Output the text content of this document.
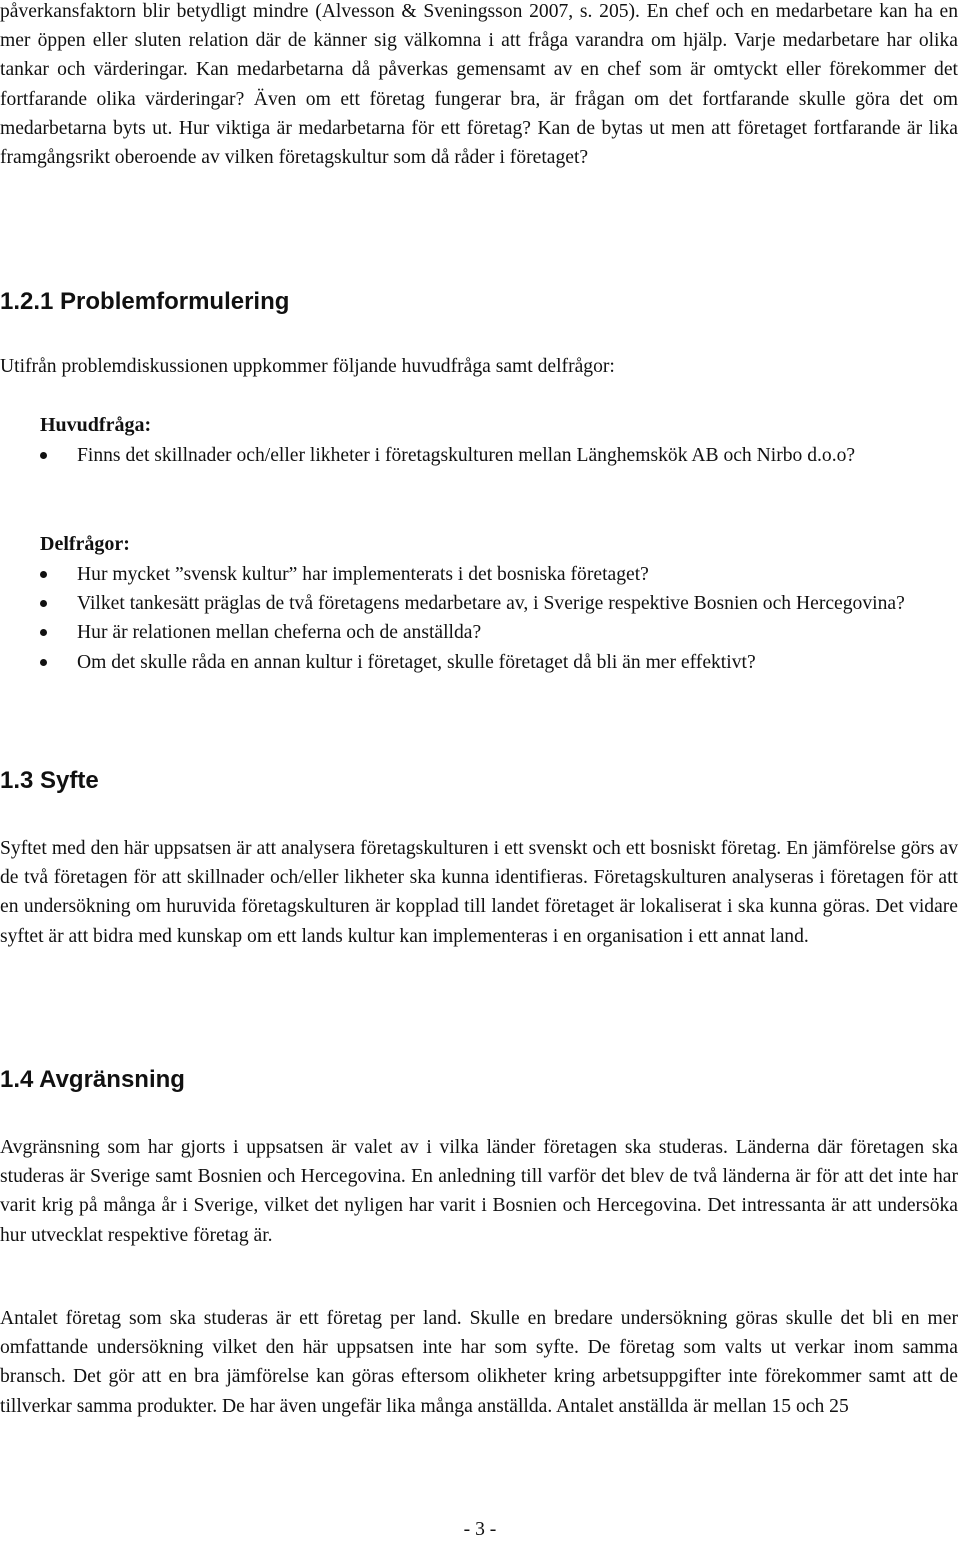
påverkansfaktorn blir betydligt mindre (Alvesson & Sveningsson 2007, s. 205). En chef och en medarbetare kan ha en mer öppen eller sluten relation där de känner sig välkomna i att fråga varandra om hjälp. Varje medarbetare har olika tankar och värderingar. Kan medarbetarna då påverkas gemensamt av en chef som är omtyckt eller förekommer det fortfarande olika värderingar? Även om ett företag fungerar bra, är frågan om det fortfarande skulle göra det om medarbetarna byts ut. Hur viktiga är medarbetarna för ett företag? Kan de bytas ut men att företaget fortfarande är lika framgångsrikt oberoende av vilken företagskultur som då råder i företaget?

1.2.1 Problemformulering

Utifrån problemdiskussionen uppkommer följande huvudfråga samt delfrågor:

Huvudfråga:
Finns det skillnader och/eller likheter i företagskulturen mellan Länghemskök AB och Nirbo d.o.o?
Delfrågor:
Hur mycket ”svensk kultur” har implementerats i det bosniska företaget?
Vilket tankesätt präglas de två företagens medarbetare av, i Sverige respektive Bosnien och Hercegovina?
Hur är relationen mellan cheferna och de anställda?
Om det skulle råda en annan kultur i företaget, skulle företaget då bli än mer effektivt?
1.3 Syfte

Syftet med den här uppsatsen är att analysera företagskulturen i ett svenskt och ett bosniskt företag. En jämförelse görs av de två företagen för att skillnader och/eller likheter ska kunna identifieras. Företagskulturen analyseras i företagen för att en undersökning om huruvida företagskulturen är kopplad till landet företaget är lokaliserat i ska kunna göras. Det vidare syftet är att bidra med kunskap om ett lands kultur kan implementeras i en organisation i ett annat land.

1.4 Avgränsning

Avgränsning som har gjorts i uppsatsen är valet av i vilka länder företagen ska studeras. Länderna där företagen ska studeras är Sverige samt Bosnien och Hercegovina. En anledning till varför det blev de två länderna är för att det inte har varit krig på många år i Sverige, vilket det nyligen har varit i Bosnien och Hercegovina. Det intressanta är att undersöka hur utvecklat respektive företag är.

Antalet företag som ska studeras är ett företag per land. Skulle en bredare undersökning göras skulle det bli en mer omfattande undersökning vilket den här uppsatsen inte har som syfte. De företag som valts ut verkar inom samma bransch. Det gör att en bra jämförelse kan göras eftersom olikheter kring arbetsuppgifter inte förekommer samt att de tillverkar samma produkter. De har även ungefär lika många anställda. Antalet anställda är mellan 15 och 25

- 3 -
